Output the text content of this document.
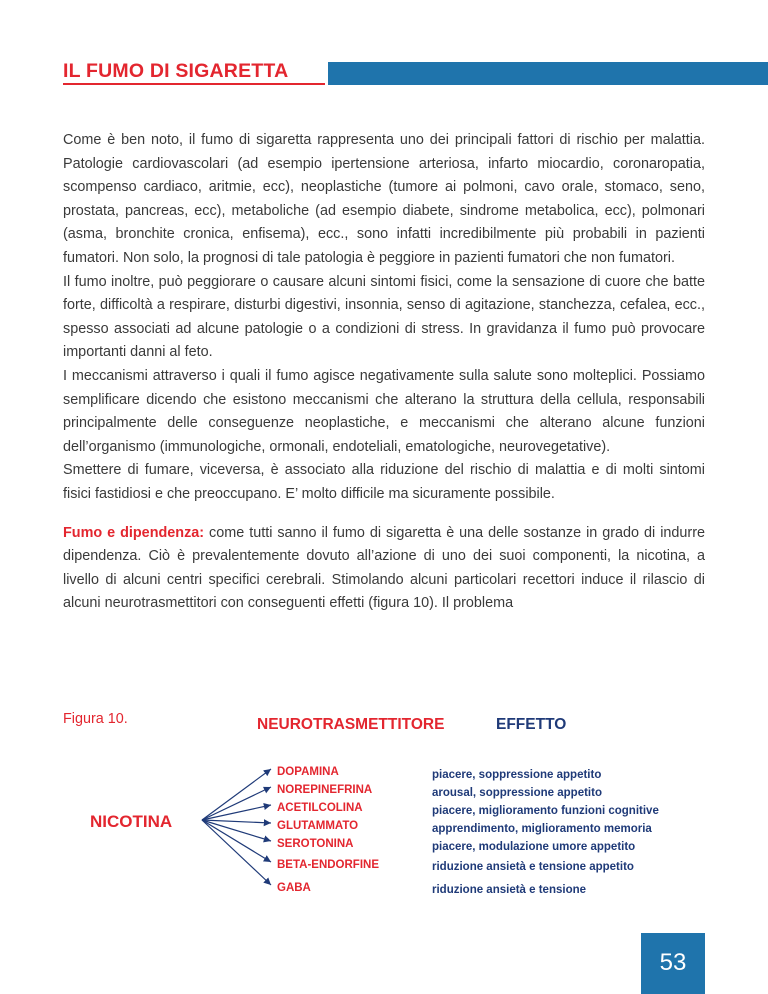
IL FUMO DI SIGARETTA

Come è ben noto, il fumo di sigaretta rappresenta uno dei principali fattori di rischio per malattia. Patologie cardiovascolari (ad esempio ipertensione arteriosa, infarto miocardio, coronaropatia, scompenso cardiaco, aritmie, ecc), neoplastiche (tumore ai polmoni, cavo orale, stomaco, seno, prostata, pancreas, ecc), metaboliche (ad esempio diabete, sindrome metabolica, ecc), polmonari (asma, bronchite cronica, enfisema), ecc., sono infatti incredibilmente più probabili in pazienti fumatori. Non solo, la prognosi di tale patologia è peggiore in pazienti fumatori che non fumatori.

Il fumo inoltre, può peggiorare o causare alcuni sintomi fisici, come la sensazione di cuore che batte forte, difficoltà a respirare, disturbi digestivi, insonnia, senso di agitazione, stanchezza, cefalea, ecc., spesso associati ad alcune patologie o a condizioni di stress. In gravidanza il fumo può provocare importanti danni al feto.

I meccanismi attraverso i quali il fumo agisce negativamente sulla salute sono molteplici. Possiamo semplificare dicendo che esistono meccanismi che alterano la struttura della cellula, responsabili principalmente delle conseguenze neoplastiche, e meccanismi che alterano alcune funzioni dell’organismo (immunologiche, ormonali, endoteliali, ematologiche, neurovegetative).

Smettere di fumare, viceversa, è associato alla riduzione del rischio di malattia e di molti sintomi fisici fastidiosi e che preoccupano. E’ molto difficile ma sicuramente possibile.

Fumo e dipendenza: come tutti sanno il fumo di sigaretta è una delle sostanze in grado di indurre dipendenza. Ciò è prevalentemente dovuto all’azione di uno dei suoi componenti, la nicotina, a livello di alcuni centri specifici cerebrali. Stimolando alcuni particolari recettori induce il rilascio di alcuni neurotrasmettitori con conseguenti effetti (figura 10). Il problema

NEUROTRASMETTITORE	EFFETTO
NICOTINA
DOPAMINA
NOREPINEFRINA
ACETILCOLINA
GLUTAMMATO
SEROTONINA
BETA-ENDORFINE
GABA
piacere, soppressione appetito
arousal, soppressione appetito
piacere, miglioramento funzioni cognitive
apprendimento, miglioramento memoria
piacere, modulazione umore appetito
riduzione ansietà e tensione appetito
riduzione ansietà e tensione
Figura 10.
53
